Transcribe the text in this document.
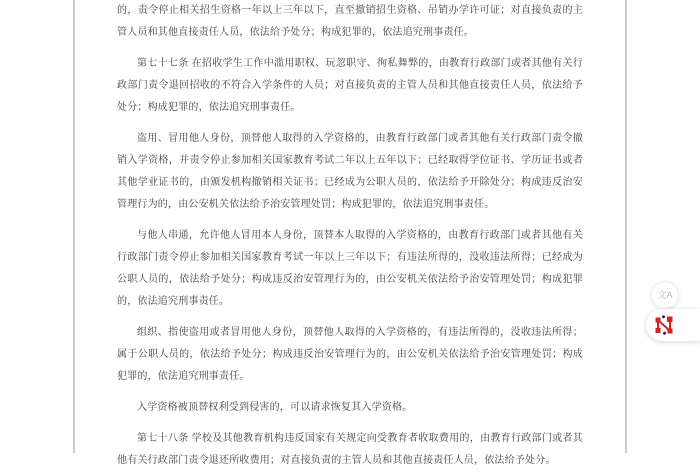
的，责令停止相关招生资格一年以上三年以下，直至撤销招生资格、吊销办学许可证；对直接负责的主管人员和其他直接责任人员，依法给予处分；构成犯罪的，依法追究刑事责任。

第七十七条 在招收学生工作中滥用职权、玩忽职守、徇私舞弊的，由教育行政部门或者其他有关行政部门责令退回招收的不符合入学条件的人员；对直接负责的主管人员和其他直接责任人员，依法给予处分；构成犯罪的，依法追究刑事责任。

盗用、冒用他人身份，顶替他人取得的入学资格的，由教育行政部门或者其他有关行政部门责令撤销入学资格，并责令停止参加相关国家教育考试二年以上五年以下；已经取得学位证书、学历证书或者其他学业证书的，由颁发机构撤销相关证书；已经成为公职人员的，依法给予开除处分；构成违反治安管理行为的，由公安机关依法给予治安管理处罚；构成犯罪的，依法追究刑事责任。

与他人串通，允许他人冒用本人身份，顶替本人取得的入学资格的，由教育行政部门或者其他有关行政部门责令停止参加相关国家教育考试一年以上三年以下；有违法所得的，没收违法所得；已经成为公职人员的，依法给予处分；构成违反治安管理行为的，由公安机关依法给予治安管理处罚；构成犯罪的，依法追究刑事责任。

组织、指使盗用或者冒用他人身份，顶替他人取得的入学资格的，有违法所得的，没收违法所得；属于公职人员的，依法给予处分；构成违反治安管理行为的，由公安机关依法给予治安管理处罚；构成犯罪的，依法追究刑事责任。

入学资格被顶替权利受到侵害的，可以请求恢复其入学资格。

第七十八条 学校及其他教育机构违反国家有关规定向受教育者收取费用的，由教育行政部门或者其他有关行政部门责令退还所收费用；对直接负责的主管人员和其他直接责任人员，依法给予处分。

文A
